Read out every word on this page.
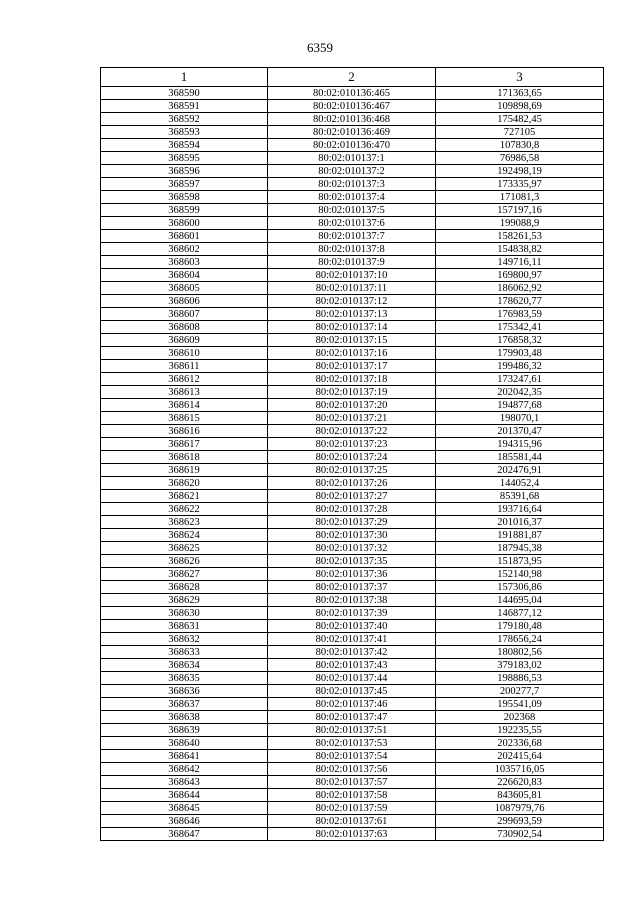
6359
1	2	3
368590	80:02:010136:465	171363,65
368591	80:02:010136:467	109898,69
368592	80:02:010136:468	175482,45
368593	80:02:010136:469	727105
368594	80:02:010136:470	107830,8
368595	80:02:010137:1	76986,58
368596	80:02:010137:2	192498,19
368597	80:02:010137:3	173335,97
368598	80:02:010137:4	171081,3
368599	80:02:010137:5	157197,16
368600	80:02:010137:6	199088,9
368601	80:02:010137:7	158261,53
368602	80:02:010137:8	154838,82
368603	80:02:010137:9	149716,11
368604	80:02:010137:10	169800,97
368605	80:02:010137:11	186062,92
368606	80:02:010137:12	178620,77
368607	80:02:010137:13	176983,59
368608	80:02:010137:14	175342,41
368609	80:02:010137:15	176858,32
368610	80:02:010137:16	179903,48
368611	80:02:010137:17	199486,32
368612	80:02:010137:18	173247,61
368613	80:02:010137:19	202042,35
368614	80:02:010137:20	194877,68
368615	80:02:010137:21	198070,1
368616	80:02:010137:22	201370,47
368617	80:02:010137:23	194315,96
368618	80:02:010137:24	185581,44
368619	80:02:010137:25	202476,91
368620	80:02:010137:26	144052,4
368621	80:02:010137:27	85391,68
368622	80:02:010137:28	193716,64
368623	80:02:010137:29	201016,37
368624	80:02:010137:30	191881,87
368625	80:02:010137:32	187945,38
368626	80:02:010137:35	151873,95
368627	80:02:010137:36	152140,98
368628	80:02:010137:37	157306,86
368629	80:02:010137:38	144695,04
368630	80:02:010137:39	146877,12
368631	80:02:010137:40	179180,48
368632	80:02:010137:41	178656,24
368633	80:02:010137:42	180802,56
368634	80:02:010137:43	379183,02
368635	80:02:010137:44	198886,53
368636	80:02:010137:45	200277,7
368637	80:02:010137:46	195541,09
368638	80:02:010137:47	202368
368639	80:02:010137:51	192235,55
368640	80:02:010137:53	202336,68
368641	80:02:010137:54	202415,64
368642	80:02:010137:56	1035716,05
368643	80:02:010137:57	226620,83
368644	80:02:010137:58	843605,81
368645	80:02:010137:59	1087979,76
368646	80:02:010137:61	299693,59
368647	80:02:010137:63	730902,54
